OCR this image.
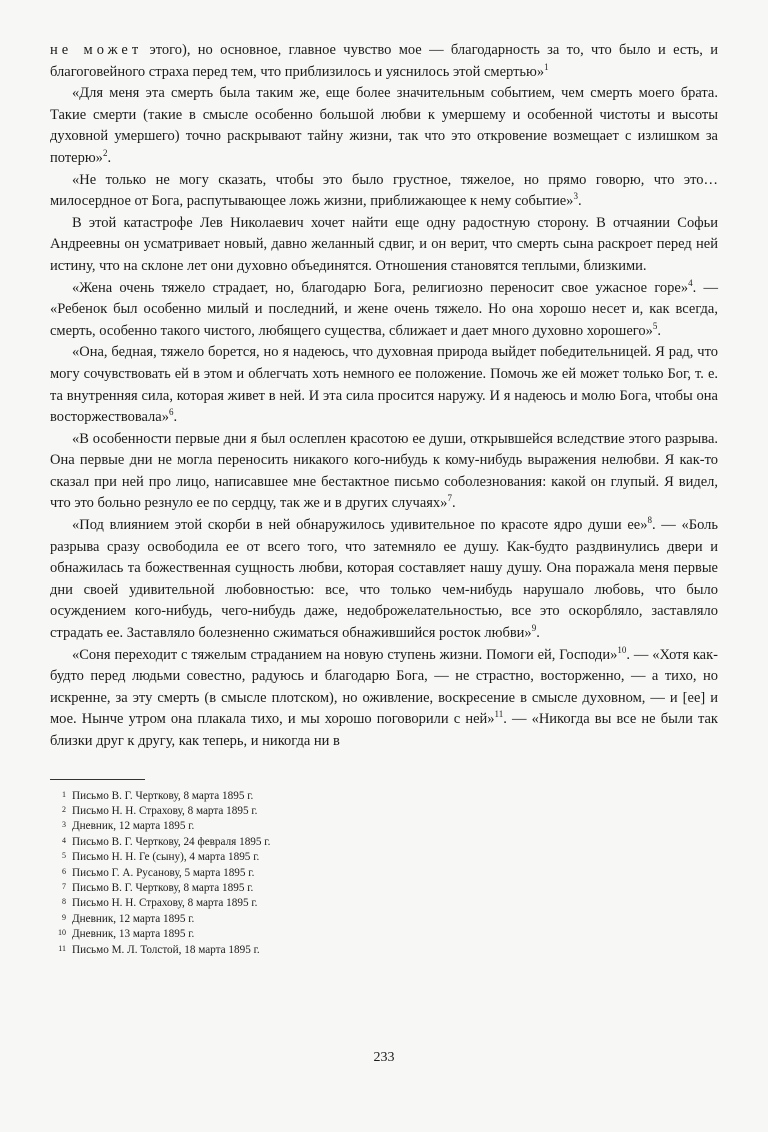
не может этого), но основное, главное чувство мое — благодарность за то, что было и есть, и благоговейного страха перед тем, что приблизилось и уяснилось этой смертью»$^1$

«Для меня эта смерть была таким же, еще более значительным событием, чем смерть моего брата. Такие смерти (такие в смысле особенно большой любви к умершему и особенной чистоты и высоты духовной умершего) точно раскрывают тайну жизни, так что это откровение возмещает с излишком за потерю»$^2$.

«Не только не могу сказать, чтобы это было грустное, тяжелое, но прямо говорю, что это… милосердное от Бога, распутывающее ложь жизни, приближающее к нему событие»$^3$.

В этой катастрофе Лев Николаевич хочет найти еще одну радостную сторону. В отчаянии Софьи Андреевны он усматривает новый, давно желанный сдвиг, и он верит, что смерть сына раскроет перед ней истину, что на склоне лет они духовно объединятся. Отношения становятся теплыми, близкими.

«Жена очень тяжело страдает, но, благодарю Бога, религиозно переносит свое ужасное горе»$^4$. — «Ребенок был особенно милый и последний, и жене очень тяжело. Но она хорошо несет и, как всегда, смерть, особенно такого чистого, любящего существа, сближает и дает много духовно хорошего»$^5$.

«Она, бедная, тяжело борется, но я надеюсь, что духовная природа выйдет победительницей. Я рад, что могу сочувствовать ей в этом и облегчать хоть немного ее положение. Помочь же ей может только Бог, т. е. та внутренняя сила, которая живет в ней. И эта сила просится наружу. И я надеюсь и молю Бога, чтобы она восторжествовала»$^6$.

«В особенности первые дни я был ослеплен красотою ее души, открывшейся вследствие этого разрыва. Она первые дни не могла переносить никакого кого-нибудь к кому-нибудь выражения нелюбви. Я как-то сказал при ней про лицо, написавшее мне бестактное письмо соболезнования: какой он глупый. Я видел, что это больно резнуло ее по сердцу, так же и в других случаях»$^7$.

«Под влиянием этой скорби в ней обнаружилось удивительное по красоте ядро души ее»$^8$. — «Боль разрыва сразу освободила ее от всего того, что затемняло ее душу. Как-будто раздвинулись двери и обнажилась та божественная сущность любви, которая составляет нашу душу. Она поражала меня первые дни своей удивительной любовностью: все, что только чем-нибудь нарушало любовь, что было осуждением кого-нибудь, чего-нибудь даже, недоброжелательностью, все это оскорбляло, заставляло страдать ее. Заставляло болезненно сжиматься обнажившийся росток любви»$^9$.

«Соня переходит с тяжелым страданием на новую ступень жизни. Помоги ей, Господи»$^{10}$. — «Хотя как-будто перед людьми совестно, радуюсь и благодарю Бога, — не страстно, восторженно, — а тихо, но искренне, за эту смерть (в смысле плотском), но оживление, воскресение в смысле духовном, — и [ее] и мое. Нынче утром она плакала тихо, и мы хорошо поговорили с ней»$^{11}$. — «Никогда вы все не были так близки друг к другу, как теперь, и никогда ни в

1 Письмо В. Г. Черткову, 8 марта 1895 г.
2 Письмо Н. Н. Страхову, 8 марта 1895 г.
3 Дневник, 12 марта 1895 г.
4 Письмо В. Г. Черткову, 24 февраля 1895 г.
5 Письмо Н. Н. Ге (сыну), 4 марта 1895 г.
6 Письмо Г. А. Русанову, 5 марта 1895 г.
7 Письмо В. Г. Черткову, 8 марта 1895 г.
8 Письмо Н. Н. Страхову, 8 марта 1895 г.
9 Дневник, 12 марта 1895 г.
10 Дневник, 13 марта 1895 г.
11 Письмо М. Л. Толстой, 18 марта 1895 г.
233
